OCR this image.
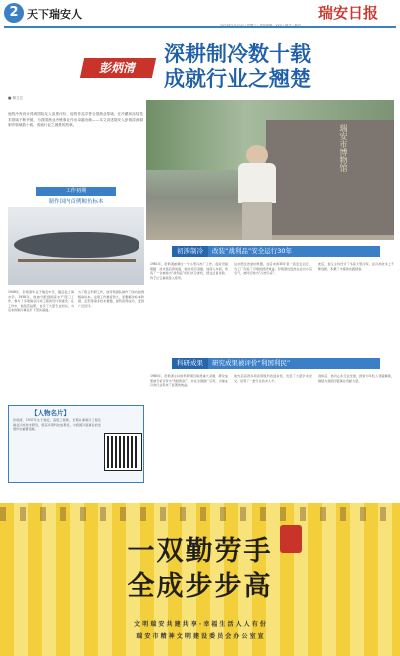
2 天下瑞安人	瑞安日报
彭炳清
深耕制冷数十载
成就行业之翘楚
■ 林立江
他的冷库设计得到国际友人高度评价，他的作品享誉全国渔业领域，在冷藏和冻结技术领域不断突破，为我国渔业冷链事业作出卓越贡献——本文讲述瑞安人彭炳清深耕制冷领域数十载，成就行业之翘楚的故事。	瑞安市博物馆
工作初期
制作国内首例鲸鱼标本
1946年，彭炳清毕业于瑞安中学，随后赴上海求学。1958年，他被分配到国家水产部门工作，参与了多项渔业冷冻工程的设计和建设。在工作中，他刻苦钻研，自学了大量专业知识，为后来的制冷事业打下坚实基础。
为了配合科研工作，他带领团队制作了国内首例鲸鱼标本。这项工作难度很大，需要解决标本防腐、定型等诸多技术难题，最终获得成功，受到广泛好评。
【人物名片】
彭炳清，1937年生于瑞安，高级工程师，长期从事制冷工程及渔业冷冻技术研究，曾获多项科技成果奖，为我国冷链事业的发展作出重要贡献。
初涉制冷	改装“战利品”安全运行30年
1961年，彭炳清被调往一个小型冷冻厂工作，面对设备简陋、技术落后的局面，他并没有退缩。他深入车间，改造了一台被称为“战利品”的旧式冷冻机，经过反复试验，终于让它重新投入使用。
这台经过改装的机器，在后来的30年里一直安全运行，为工厂创造了可观的经济效益。彭炳清也因此在业内小有名气，被同行称为“冷冻专家”。
此后，他又主持设计了多座大型冷库，在冷冻技术上不断创新，积累了丰富的实践经验。
科研成果	研究成果被评价“利国利民”
1985年，彭炳清主持的科研项目取得重大突破，研究成果被专家评价为“利国利民”，并在全国推广应用，为渔业冷冻行业带来了显著的效益。
他先后获得多项省部级科技进步奖，发表了大量学术论文，培养了一批专业技术人才。
退休后，他仍心系行业发展，经常为年轻人答疑解惑，继续为我国冷链事业贡献力量。
一双勤劳手
全成步步高
文 明 瑞 安 共 建 共 享 · 幸 福 生 活 人 人 有 份
瑞 安 市 精 神 文 明 建 设 委 员 会 办 公 室 宣
